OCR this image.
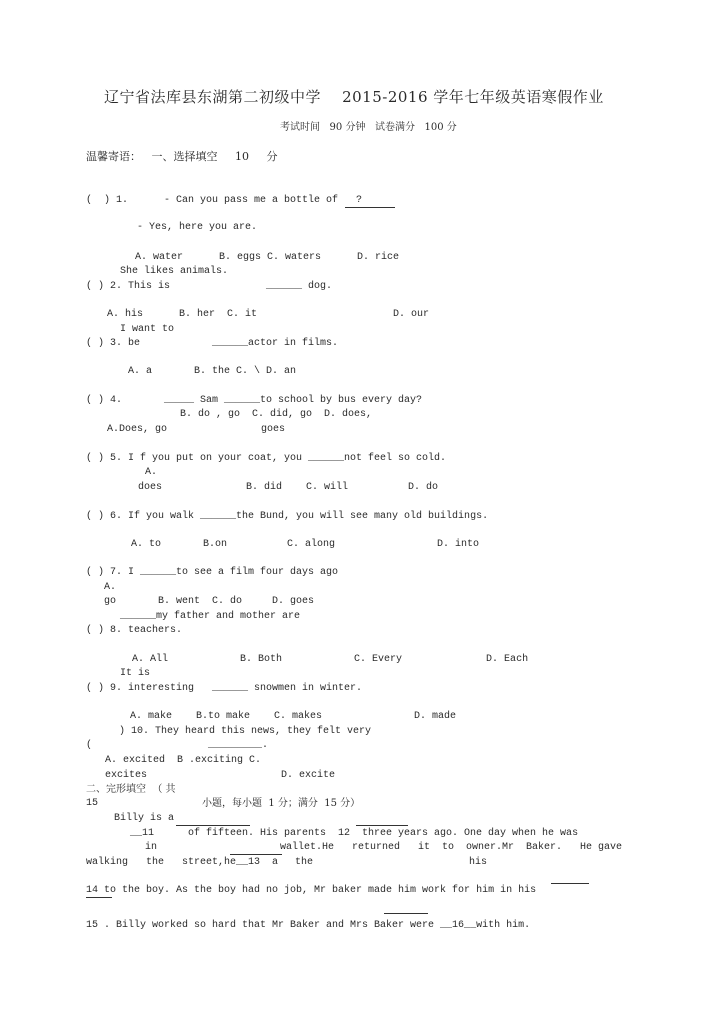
辽宁省法库县东湖第二初级中学    2015-2016 学年七年级英语寒假作业
考试时间   90 分钟   试卷满分   100 分
温馨寄语：   一、选择填空     10     分
(  ) 1.      - Can you pass me a bottle of   ?
- Yes, here you are.
A. water      B. eggs C. waters      D. rice
She likes animals.
( ) 2. This is                ______ dog.
A. his      B. her  C. it	D. our
I want to
( ) 3. be            ______actor in films.
A. a       B. the C. \ D. an
( ) 4.       _____ Sam ______to school by bus every day?
B. do , go  C. did, go  D. does,
A.Does, go	goes
( ) 5. I f you put on your coat, you ______not feel so cold.
A.
does              B. did    C. will          D. do
( ) 6. If you walk ______the Bund, you will see many old buildings.
A. to       B.on          C. along                 D. into
( ) 7. I ______to see a film four days ago
A.
go       B. went  C. do     D. goes
______my father and mother are
( ) 8. teachers.
A. All            B. Both            C. Every              D. Each
It is
( ) 9. interesting   ______ snowmen in winter.
A. make    B.to make    C. makes	D. made
) 10. They heard this news, they felt very
(	_________.
A. excited  B .exciting C.
excites	D. excite
二、完形填空  （ 共
15	小题，每小题  1 分；满分  15 分）
Billy is a
__11	of fifteen. His parents  12  three years ago. One day when he was
in	wallet.He   returned   it  to  owner.Mr  Baker.   He gave
walking   the   street,he__13  a the	his
14 to the boy. As the boy had no job, Mr baker made him work for him in his
15 . Billy worked so hard that Mr Baker and Mrs Baker were __16__with him.
